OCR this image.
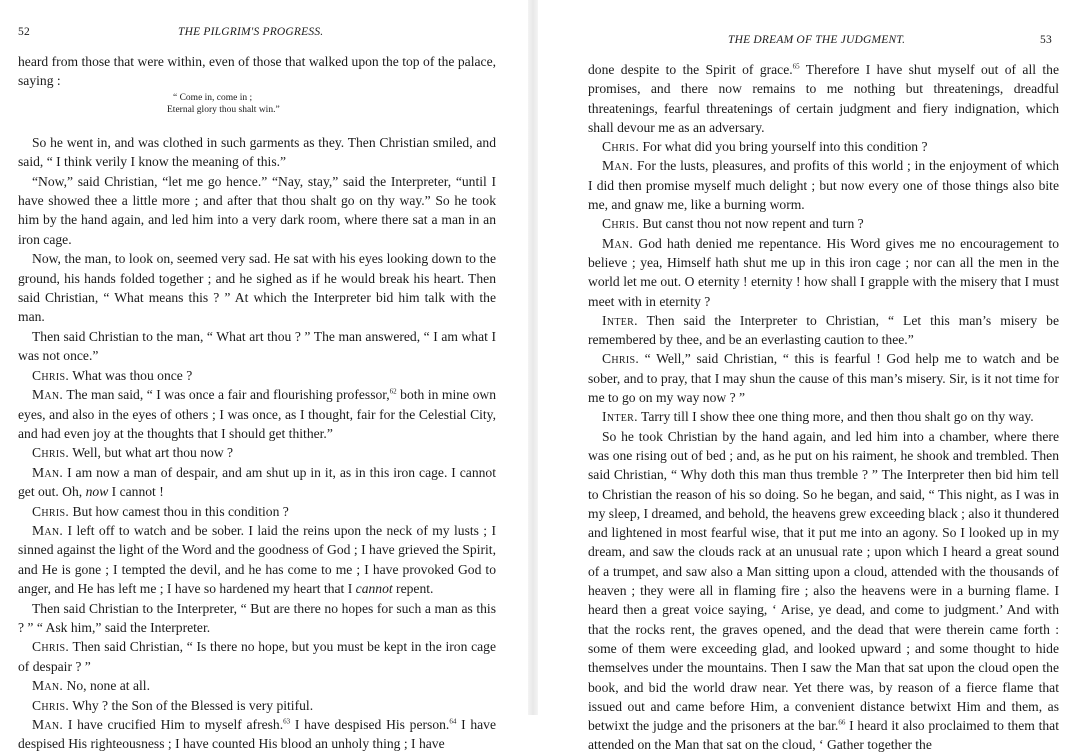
52	THE PILGRIM'S PROGRESS.

heard from those that were within, even of those that walked upon the top of the palace, saying :

“ Come in, come in ;
Eternal glory thou shalt win.”

So he went in, and was clothed in such garments as they. Then Christian smiled, and said, “ I think verily I know the meaning of this.”

“Now,” said Christian, “let me go hence.” “Nay, stay,” said the Interpreter, “until I have showed thee a little more ; and after that thou shalt go on thy way.” So he took him by the hand again, and led him into a very dark room, where there sat a man in an iron cage.

Now, the man, to look on, seemed very sad. He sat with his eyes looking down to the ground, his hands folded together ; and he sighed as if he would break his heart. Then said Christian, “ What means this ? ” At which the Interpreter bid him talk with the man.

Then said Christian to the man, “ What art thou ? ” The man answered, “ I am what I was not once.”

Chris. What was thou once ?

Man. The man said, “ I was once a fair and flourishing professor,$^{62}$ both in mine own eyes, and also in the eyes of others ; I was once, as I thought, fair for the Celestial City, and had even joy at the thoughts that I should get thither.”

Chris. Well, but what art thou now ?

Man. I am now a man of despair, and am shut up in it, as in this iron cage. I cannot get out. Oh, now I cannot !

Chris. But how camest thou in this condition ?

Man. I left off to watch and be sober. I laid the reins upon the neck of my lusts ; I sinned against the light of the Word and the goodness of God ; I have grieved the Spirit, and He is gone ; I tempted the devil, and he has come to me ; I have provoked God to anger, and He has left me ; I have so hardened my heart that I cannot repent.

Then said Christian to the Interpreter, “ But are there no hopes for such a man as this ? ” “ Ask him,” said the Interpreter.

Chris. Then said Christian, “ Is there no hope, but you must be kept in the iron cage of despair ? ”

Man. No, none at all.

Chris. Why ? the Son of the Blessed is very pitiful.

Man. I have crucified Him to myself afresh.$^{63}$ I have despised His person.$^{64}$ I have despised His righteousness ; I have counted His blood an unholy thing ; I have

THE DREAM OF THE JUDGMENT.	53

done despite to the Spirit of grace.$^{65}$ Therefore I have shut myself out of all the promises, and there now remains to me nothing but threatenings, dreadful threatenings, fearful threatenings of certain judgment and fiery indignation, which shall devour me as an adversary.

Chris. For what did you bring yourself into this condition ?

Man. For the lusts, pleasures, and profits of this world ; in the enjoyment of which I did then promise myself much delight ; but now every one of those things also bite me, and gnaw me, like a burning worm.

Chris. But canst thou not now repent and turn ?

Man. God hath denied me repentance. His Word gives me no encouragement to believe ; yea, Himself hath shut me up in this iron cage ; nor can all the men in the world let me out. O eternity ! eternity ! how shall I grapple with the misery that I must meet with in eternity ?

Inter. Then said the Interpreter to Christian, “ Let this man’s misery be remembered by thee, and be an everlasting caution to thee.”

Chris. “ Well,” said Christian, “ this is fearful ! God help me to watch and be sober, and to pray, that I may shun the cause of this man’s misery. Sir, is it not time for me to go on my way now ? ”

Inter. Tarry till I show thee one thing more, and then thou shalt go on thy way.

So he took Christian by the hand again, and led him into a chamber, where there was one rising out of bed ; and, as he put on his raiment, he shook and trembled. Then said Christian, “ Why doth this man thus tremble ? ” The Interpreter then bid him tell to Christian the reason of his so doing. So he began, and said, “ This night, as I was in my sleep, I dreamed, and behold, the heavens grew exceeding black ; also it thundered and lightened in most fearful wise, that it put me into an agony. So I looked up in my dream, and saw the clouds rack at an unusual rate ; upon which I heard a great sound of a trumpet, and saw also a Man sitting upon a cloud, attended with the thousands of heaven ; they were all in flaming fire ; also the heavens were in a burning flame. I heard then a great voice saying, ‘ Arise, ye dead, and come to judgment.’ And with that the rocks rent, the graves opened, and the dead that were therein came forth : some of them were exceeding glad, and looked upward ; and some thought to hide themselves under the mountains. Then I saw the Man that sat upon the cloud open the book, and bid the world draw near. Yet there was, by reason of a fierce flame that issued out and came before Him, a convenient distance betwixt Him and them, as betwixt the judge and the prisoners at the bar.$^{66}$ I heard it also proclaimed to them that attended on the Man that sat on the cloud, ‘ Gather together the
